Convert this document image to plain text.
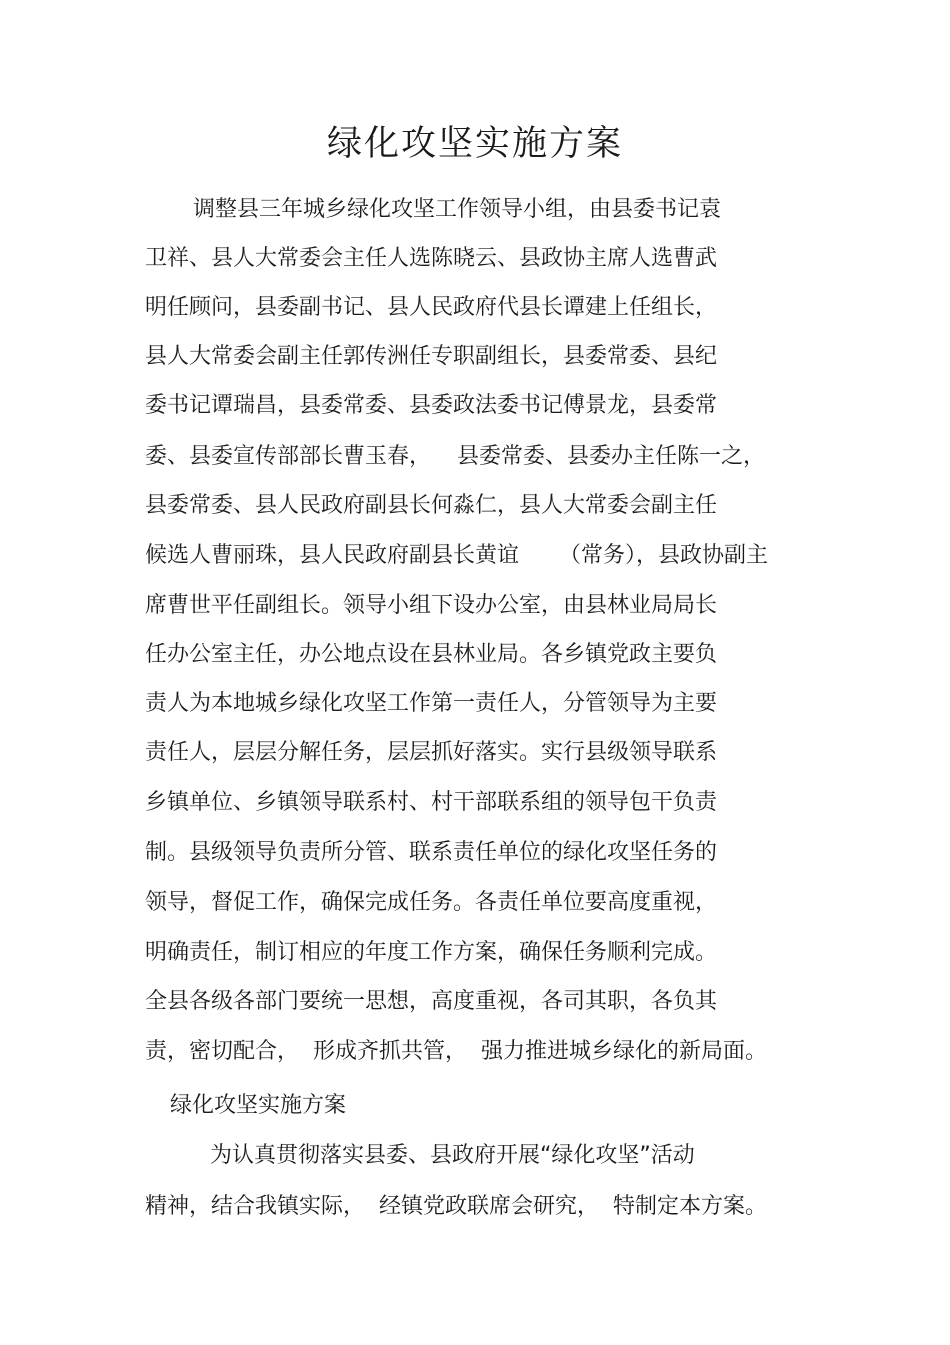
绿化攻坚实施方案
调整县三年城乡绿化攻坚工作领导小组，由县委书记袁
卫祥、县人大常委会主任人选陈晓云、县政协主席人选曹武
明任顾问，县委副书记、县人民政府代县长谭建上任组长，
县人大常委会副主任郭传洲任专职副组长，县委常委、县纪
委书记谭瑞昌，县委常委、县委政法委书记傅景龙，县委常
委、县委宣传部部长曹玉春， 县委常委、县委办主任陈一之，
县委常委、县人民政府副县长何淼仁，县人大常委会副主任
候选人曹丽珠，县人民政府副县长黄谊 （常务），县政协副主
席曹世平任副组长。领导小组下设办公室，由县林业局局长
任办公室主任，办公地点设在县林业局。各乡镇党政主要负
责人为本地城乡绿化攻坚工作第一责任人，分管领导为主要
责任人，层层分解任务，层层抓好落实。实行县级领导联系
乡镇单位、乡镇领导联系村、村干部联系组的领导包干负责
制。县级领导负责所分管、联系责任单位的绿化攻坚任务的
领导，督促工作，确保完成任务。各责任单位要高度重视，
明确责任，制订相应的年度工作方案，确保任务顺利完成。
全县各级各部门要统一思想，高度重视，各司其职，各负其
责，密切配合， 形成齐抓共管， 强力推进城乡绿化的新局面。
绿化攻坚实施方案
为认真贯彻落实县委、县政府开展“绿化攻坚”活动
精神，结合我镇实际， 经镇党政联席会研究， 特制定本方案。
